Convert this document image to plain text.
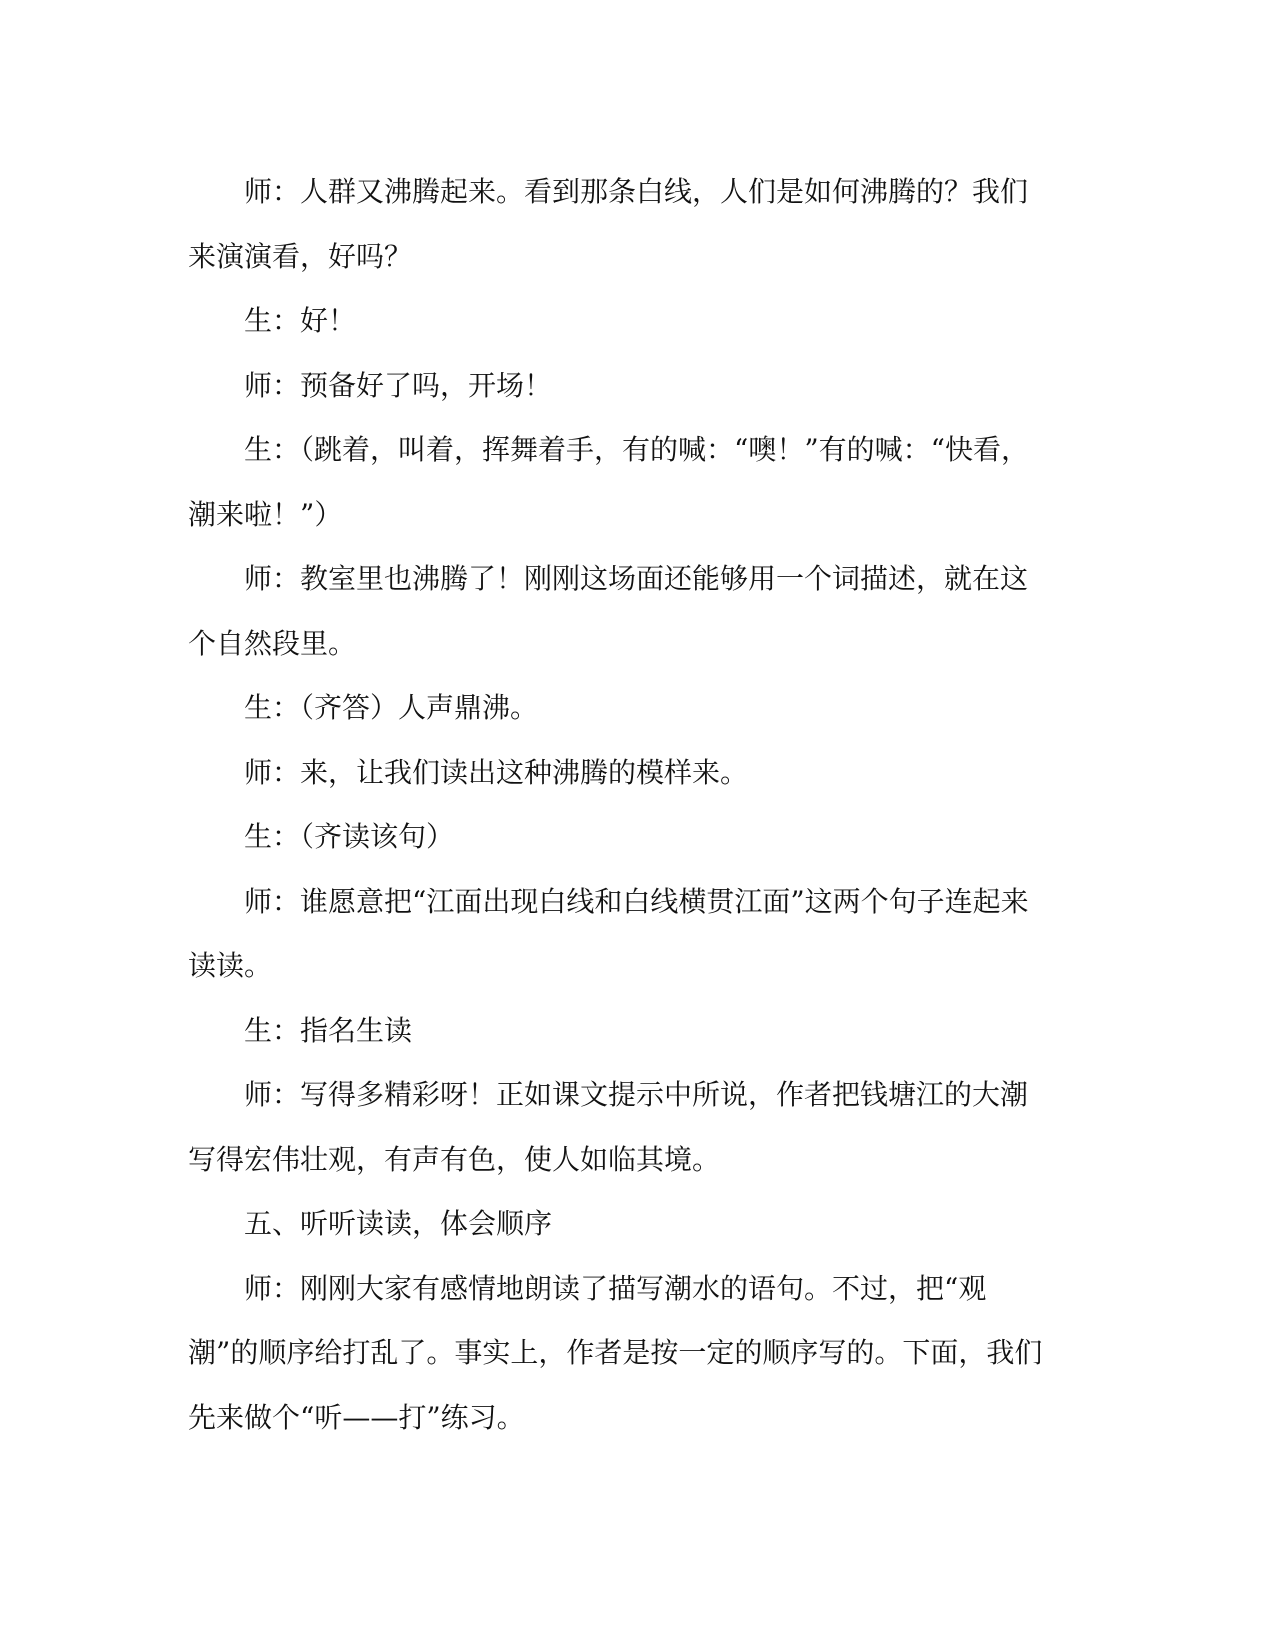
师：人群又沸腾起来。看到那条白线，人们是如何沸腾的？我们来演演看，好吗？

生：好！

师：预备好了吗，开场！

生：（跳着，叫着，挥舞着手，有的喊：“噢！”有的喊：“快看，潮来啦！”）

师：教室里也沸腾了！刚刚这场面还能够用一个词描述，就在这个自然段里。

生：（齐答）人声鼎沸。

师：来，让我们读出这种沸腾的模样来。

生：（齐读该句）

师：谁愿意把“江面出现白线和白线横贯江面”这两个句子连起来读读。

生：指名生读

师：写得多精彩呀！正如课文提示中所说，作者把钱塘江的大潮写得宏伟壮观，有声有色，使人如临其境。

五、听听读读，体会顺序

师：刚刚大家有感情地朗读了描写潮水的语句。不过，把“观潮”的顺序给打乱了。事实上，作者是按一定的顺序写的。下面，我们先来做个“听——打”练习。
